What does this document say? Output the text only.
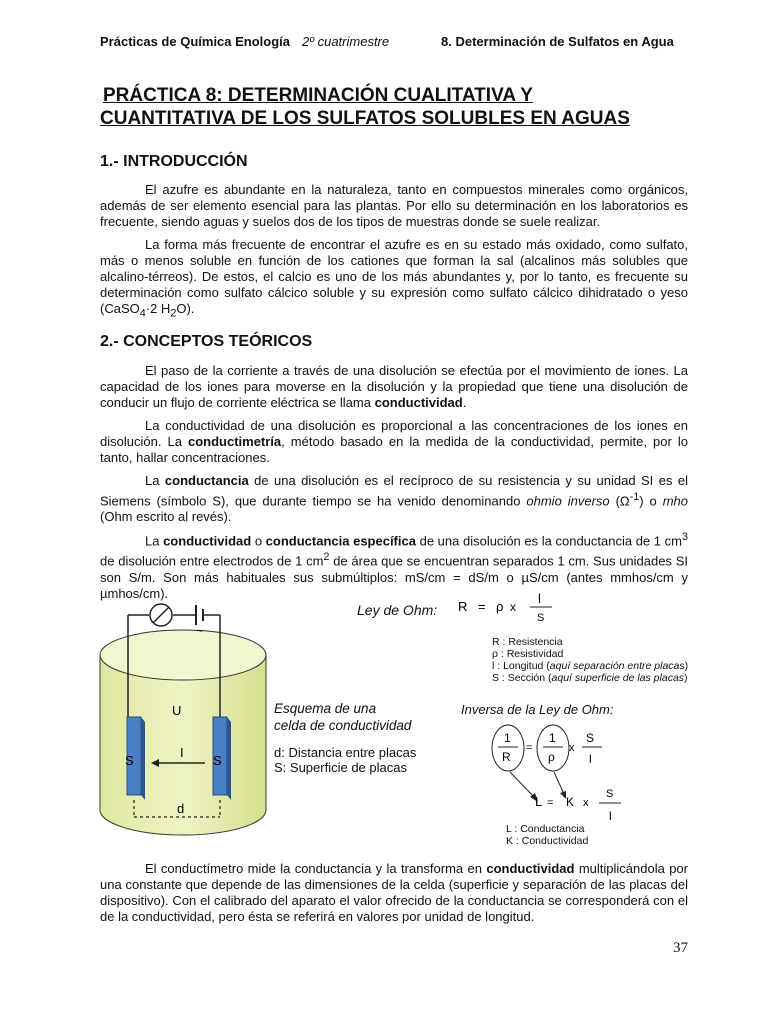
Prácticas de Química Enología 2º cuatrimestre	8. Determinación de Sulfatos en Agua
PRÁCTICA 8: DETERMINACIÓN CUALITATIVA Y
CUANTITATIVA DE LOS SULFATOS SOLUBLES EN AGUAS
1.- INTRODUCCIÓN
El azufre es abundante en la naturaleza, tanto en compuestos minerales como orgánicos, además de ser elemento esencial para las plantas. Por ello su determinación en los laboratorios es frecuente, siendo aguas y suelos dos de los tipos de muestras donde se suele realizar.
La forma más frecuente de encontrar el azufre es en su estado más oxidado, como sulfato, más o menos soluble en función de los cationes que forman la sal (alcalinos más solubles que alcalino-térreos). De estos, el calcio es uno de los más abundantes y, por lo tanto, es frecuente su determinación como sulfato cálcico soluble y su expresión como sulfato cálcico dihidratado o yeso (CaSO$_4$·2 $H_2O$).
2.- CONCEPTOS TEÓRICOS
El paso de la corriente a través de una disolución se efectúa por el movimiento de iones. La capacidad de los iones para moverse en la disolución y la propiedad que tiene una disolución de conducir un flujo de corriente eléctrica se llama conductividad.
La conductividad de una disolución es proporcional a las concentraciones de los iones en disolución. La conductimetría, método basado en la medida de la conductividad, permite, por lo tanto, hallar concentraciones.
La conductancia de una disolución es el recíproco de su resistencia y su unidad SI es el Siemens (símbolo S), que durante tiempo se ha venido denominando ohmio inverso $(\Omega^{-1})$ o mho (Ohm escrito al revés).
La conductividad o conductancia específica de una disolución es la conductancia de 1 $cm^3$ de disolución entre electrodos de 1 $cm^2$ de área que se encuentran separados 1 cm. Sus unidades SI son S/m. Son más habituales sus submúltiplos: mS/cm = dS/m o µS/cm (antes mmhos/cm y µmhos/cm).
~
U
I
S	S
d
Esquema de una
celda de conductividad
d: Distancia entre placas
S: Superficie de placas
Ley de Ohm: R = ρ x
l
S
R : Resistencia
ρ : Resistividad
l : Longitud (aquí separación entre placas)
S : Sección (aquí superficie de las placas)
Inversa de la Ley de Ohm:
1
R
=
1
ρ
x
S
l
L = K x
S
l
L : Conductancia
K : Conductividad
El conductímetro mide la conductancia y la transforma en conductividad multiplicándola por una constante que depende de las dimensiones de la celda (superficie y separación de las placas del dispositivo). Con el calibrado del aparato el valor ofrecido de la conductancia se corresponderá con el de la conductividad, pero ésta se referirá en valores por unidad de longitud.
37
